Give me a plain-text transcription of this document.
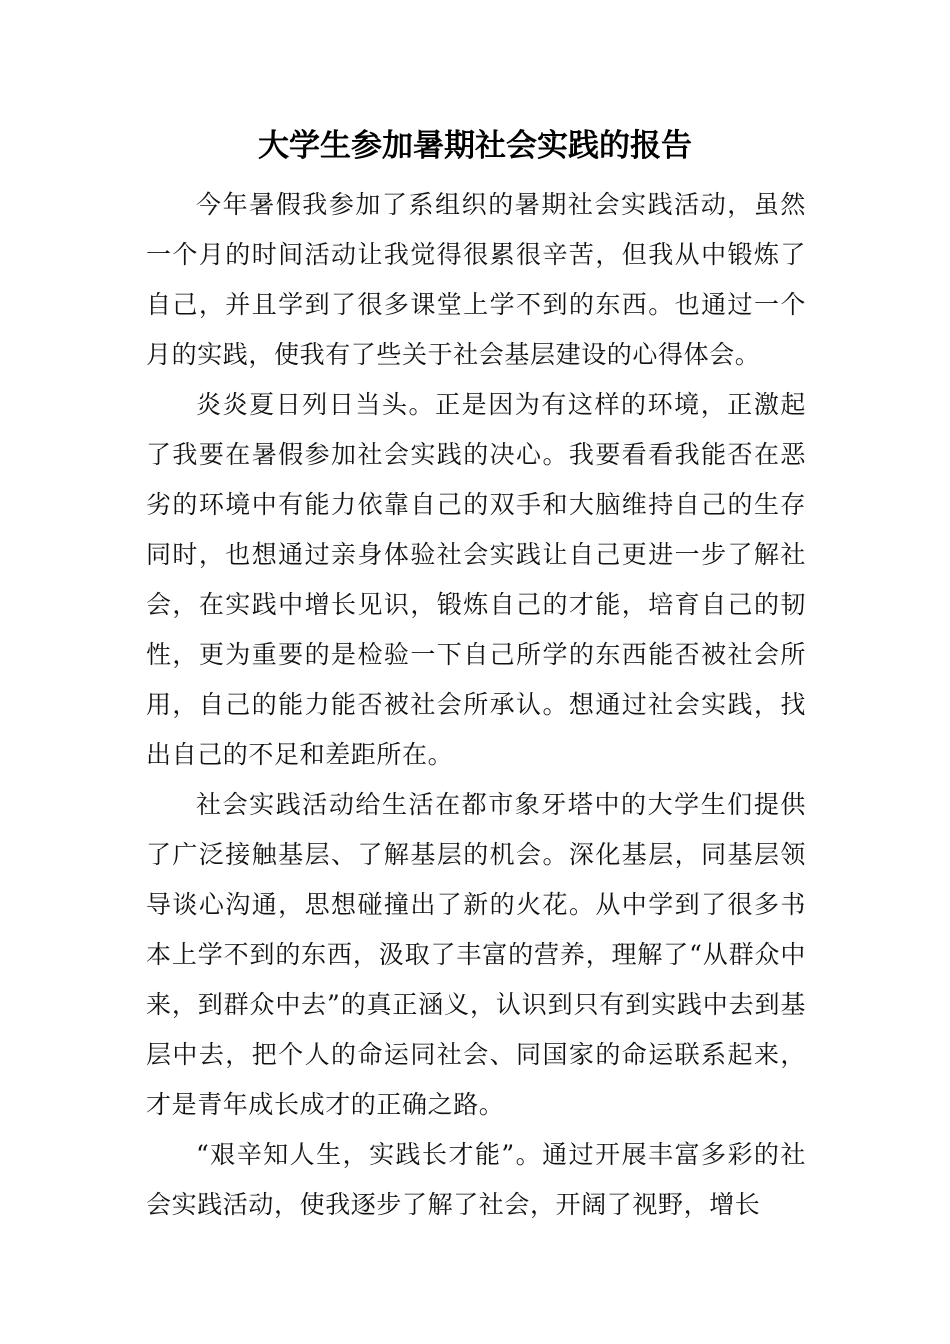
大学生参加暑期社会实践的报告

今年暑假我参加了系组织的暑期社会实践活动，虽然一个月的时间活动让我觉得很累很辛苦，但我从中锻炼了自己，并且学到了很多课堂上学不到的东西。也通过一个月的实践，使我有了些关于社会基层建设的心得体会。

炎炎夏日列日当头。正是因为有这样的环境，正激起了我要在暑假参加社会实践的决心。我要看看我能否在恶劣的环境中有能力依靠自己的双手和大脑维持自己的生存同时，也想通过亲身体验社会实践让自己更进一步了解社会，在实践中增长见识，锻炼自己的才能，培育自己的韧性，更为重要的是检验一下自己所学的东西能否被社会所用，自己的能力能否被社会所承认。想通过社会实践，找出自己的不足和差距所在。

社会实践活动给生活在都市象牙塔中的大学生们提供了广泛接触基层、了解基层的机会。深化基层，同基层领导谈心沟通，思想碰撞出了新的火花。从中学到了很多书本上学不到的东西，汲取了丰富的营养，理解了“从群众中来，到群众中去”的真正涵义，认识到只有到实践中去到基层中去，把个人的命运同社会、同国家的命运联系起来，才是青年成长成才的正确之路。

“艰辛知人生，实践长才能”。通过开展丰富多彩的社会实践活动，使我逐步了解了社会，开阔了视野，增长
